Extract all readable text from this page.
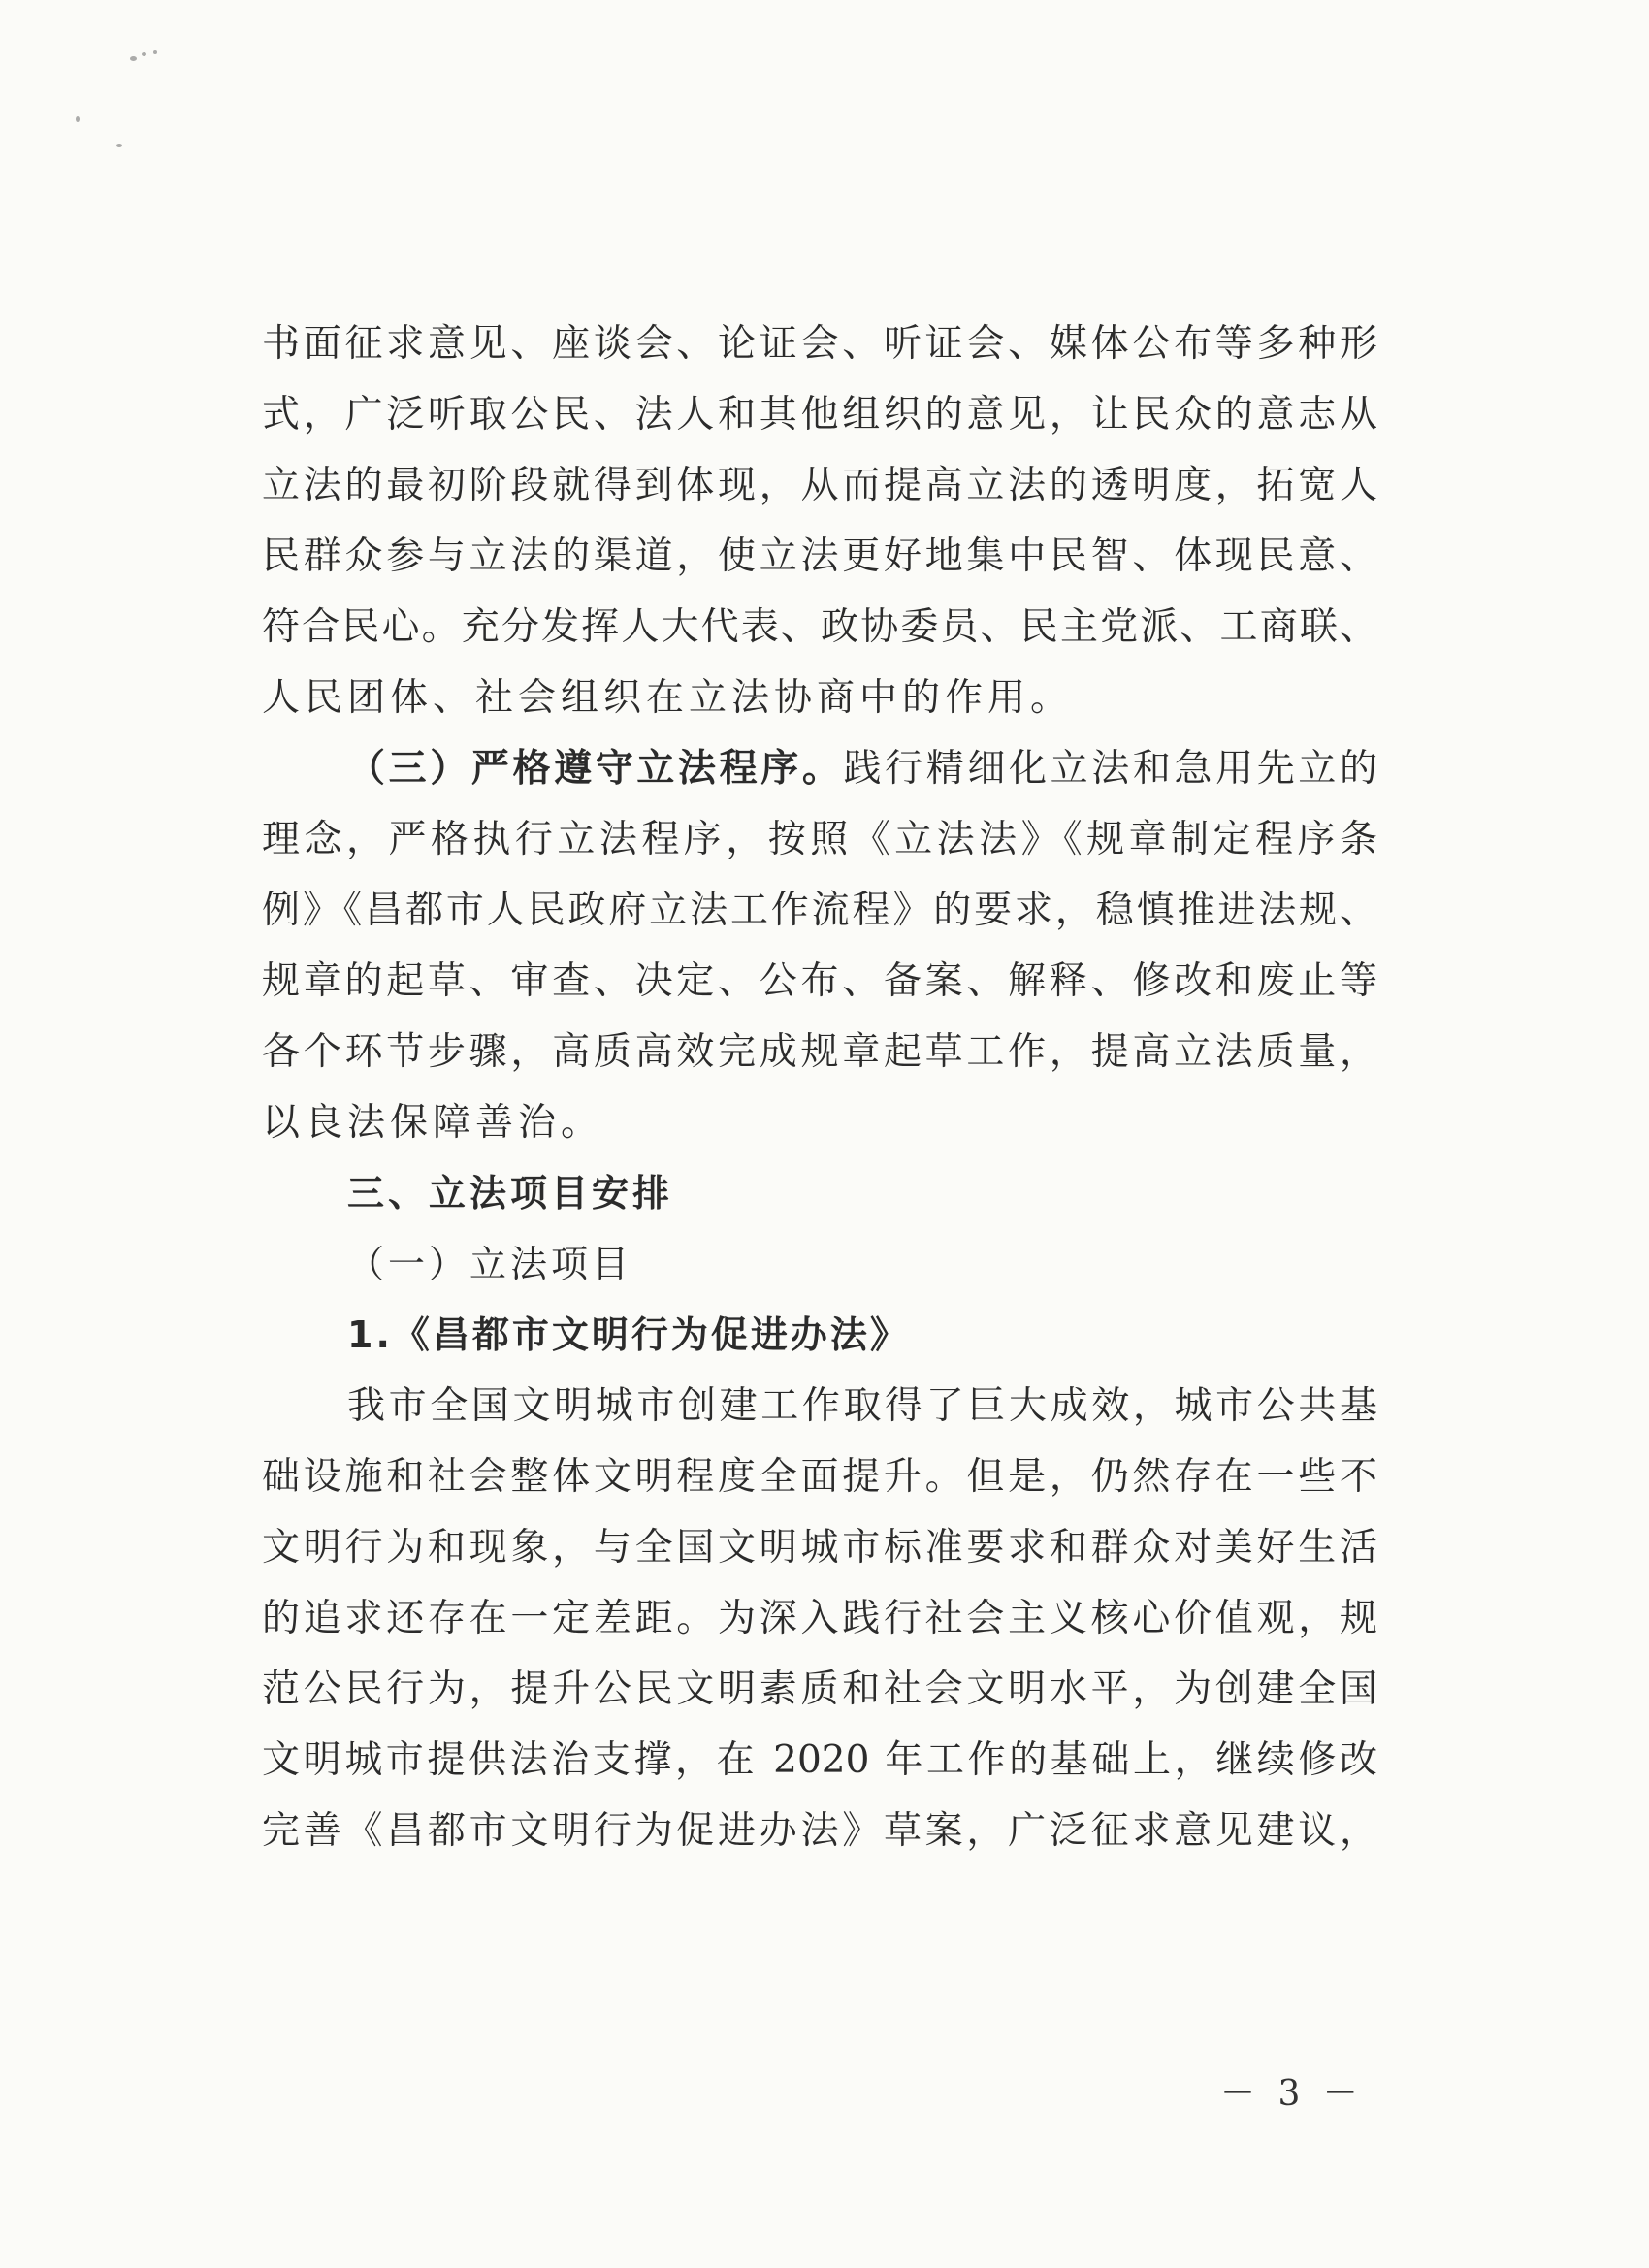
书面征求意见、座谈会、论证会、听证会、媒体公布等多种形
式，广泛听取公民、法人和其他组织的意见，让民众的意志从
立法的最初阶段就得到体现，从而提高立法的透明度，拓宽人
民群众参与立法的渠道，使立法更好地集中民智、体现民意、
符合民心。充分发挥人大代表、政协委员、民主党派、工商联、
人民团体、社会组织在立法协商中的作用。
（三）严格遵守立法程序。践行精细化立法和急用先立的
理念，严格执行立法程序，按照《立法法》《规章制定程序条
例》《昌都市人民政府立法工作流程》的要求，稳慎推进法规、
规章的起草、审查、决定、公布、备案、解释、修改和废止等
各个环节步骤，高质高效完成规章起草工作，提高立法质量，
以良法保障善治。
三、立法项目安排
（一）立法项目
1.《昌都市文明行为促进办法》
我市全国文明城市创建工作取得了巨大成效，城市公共基
础设施和社会整体文明程度全面提升。但是，仍然存在一些不
文明行为和现象，与全国文明城市标准要求和群众对美好生活
的追求还存在一定差距。为深入践行社会主义核心价值观，规
范公民行为，提升公民文明素质和社会文明水平，为创建全国
文明城市提供法治支撑，在 2020 年工作的基础上，继续修改
完善《昌都市文明行为促进办法》草案，广泛征求意见建议，
－ 3 －
